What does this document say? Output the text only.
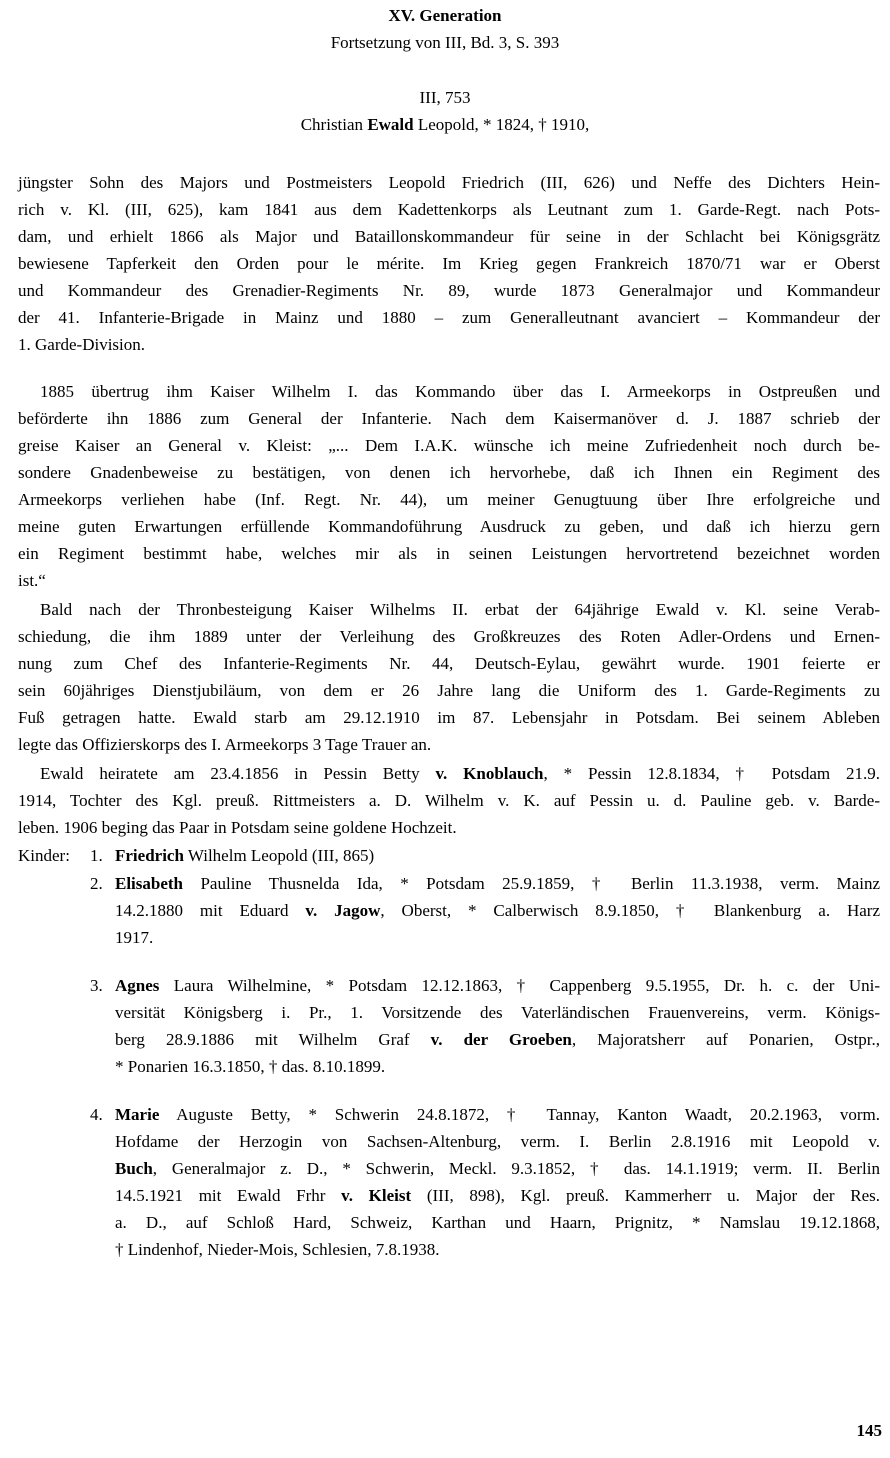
XV. Generation
Fortsetzung von III, Bd. 3, S. 393
III, 753
Christian Ewald Leopold, * 1824, † 1910,
jüngster Sohn des Majors und Postmeisters Leopold Friedrich (III, 626) und Neffe des Dichters Hein-
rich v. Kl. (III, 625), kam 1841 aus dem Kadettenkorps als Leutnant zum 1. Garde-Regt. nach Pots-
dam, und erhielt 1866 als Major und Bataillonskommandeur für seine in der Schlacht bei Königsgrätz
bewiesene Tapferkeit den Orden pour le mérite. Im Krieg gegen Frankreich 1870/71 war er Oberst
und Kommandeur des Grenadier-Regiments Nr. 89, wurde 1873 Generalmajor und Kommandeur
der 41. Infanterie-Brigade in Mainz und 1880 – zum Generalleutnant avanciert – Kommandeur der
1. Garde-Division.
1885 übertrug ihm Kaiser Wilhelm I. das Kommando über das I. Armeekorps in Ostpreußen und
beförderte ihn 1886 zum General der Infanterie. Nach dem Kaisermanöver d. J. 1887 schrieb der
greise Kaiser an General v. Kleist: „... Dem I.A.K. wünsche ich meine Zufriedenheit noch durch be-
sondere Gnadenbeweise zu bestätigen, von denen ich hervorhebe, daß ich Ihnen ein Regiment des
Armeekorps verliehen habe (Inf. Regt. Nr. 44), um meiner Genugtuung über Ihre erfolgreiche und
meine guten Erwartungen erfüllende Kommandoführung Ausdruck zu geben, und daß ich hierzu gern
ein Regiment bestimmt habe, welches mir als in seinen Leistungen hervortretend bezeichnet worden
ist.“
Bald nach der Thronbesteigung Kaiser Wilhelms II. erbat der 64jährige Ewald v. Kl. seine Verab-
schiedung, die ihm 1889 unter der Verleihung des Großkreuzes des Roten Adler-Ordens und Ernen-
nung zum Chef des Infanterie-Regiments Nr. 44, Deutsch-Eylau, gewährt wurde. 1901 feierte er
sein 60jähriges Dienstjubiläum, von dem er 26 Jahre lang die Uniform des 1. Garde-Regiments zu
Fuß getragen hatte. Ewald starb am 29.12.1910 im 87. Lebensjahr in Potsdam. Bei seinem Ableben
legte das Offizierskorps des I. Armeekorps 3 Tage Trauer an.
Ewald heiratete am 23.4.1856 in Pessin Betty v. Knoblauch, * Pessin 12.8.1834, † Potsdam 21.9.
1914, Tochter des Kgl. preuß. Rittmeisters a. D. Wilhelm v. K. auf Pessin u. d. Pauline geb. v. Barde-
leben. 1906 beging das Paar in Potsdam seine goldene Hochzeit.
Kinder: 1. Friedrich Wilhelm Leopold (III, 865)
2. Elisabeth Pauline Thusnelda Ida, * Potsdam 25.9.1859, † Berlin 11.3.1938, verm. Mainz
14.2.1880 mit Eduard v. Jagow, Oberst, * Calberwisch 8.9.1850, † Blankenburg a. Harz
1917.
3. Agnes Laura Wilhelmine, * Potsdam 12.12.1863, † Cappenberg 9.5.1955, Dr. h. c. der Uni-
versität Königsberg i. Pr., 1. Vorsitzende des Vaterländischen Frauenvereins, verm. Königs-
berg 28.9.1886 mit Wilhelm Graf v. der Groeben, Majoratsherr auf Ponarien, Ostpr.,
* Ponarien 16.3.1850, † das. 8.10.1899.
4. Marie Auguste Betty, * Schwerin 24.8.1872, † Tannay, Kanton Waadt, 20.2.1963, vorm.
Hofdame der Herzogin von Sachsen-Altenburg, verm. I. Berlin 2.8.1916 mit Leopold v.
Buch, Generalmajor z. D., * Schwerin, Meckl. 9.3.1852, † das. 14.1.1919; verm. II. Berlin
14.5.1921 mit Ewald Frhr v. Kleist (III, 898), Kgl. preuß. Kammerherr u. Major der Res.
a. D., auf Schloß Hard, Schweiz, Karthan und Haarn, Prignitz, * Namslau 19.12.1868,
† Lindenhof, Nieder-Mois, Schlesien, 7.8.1938.
145
